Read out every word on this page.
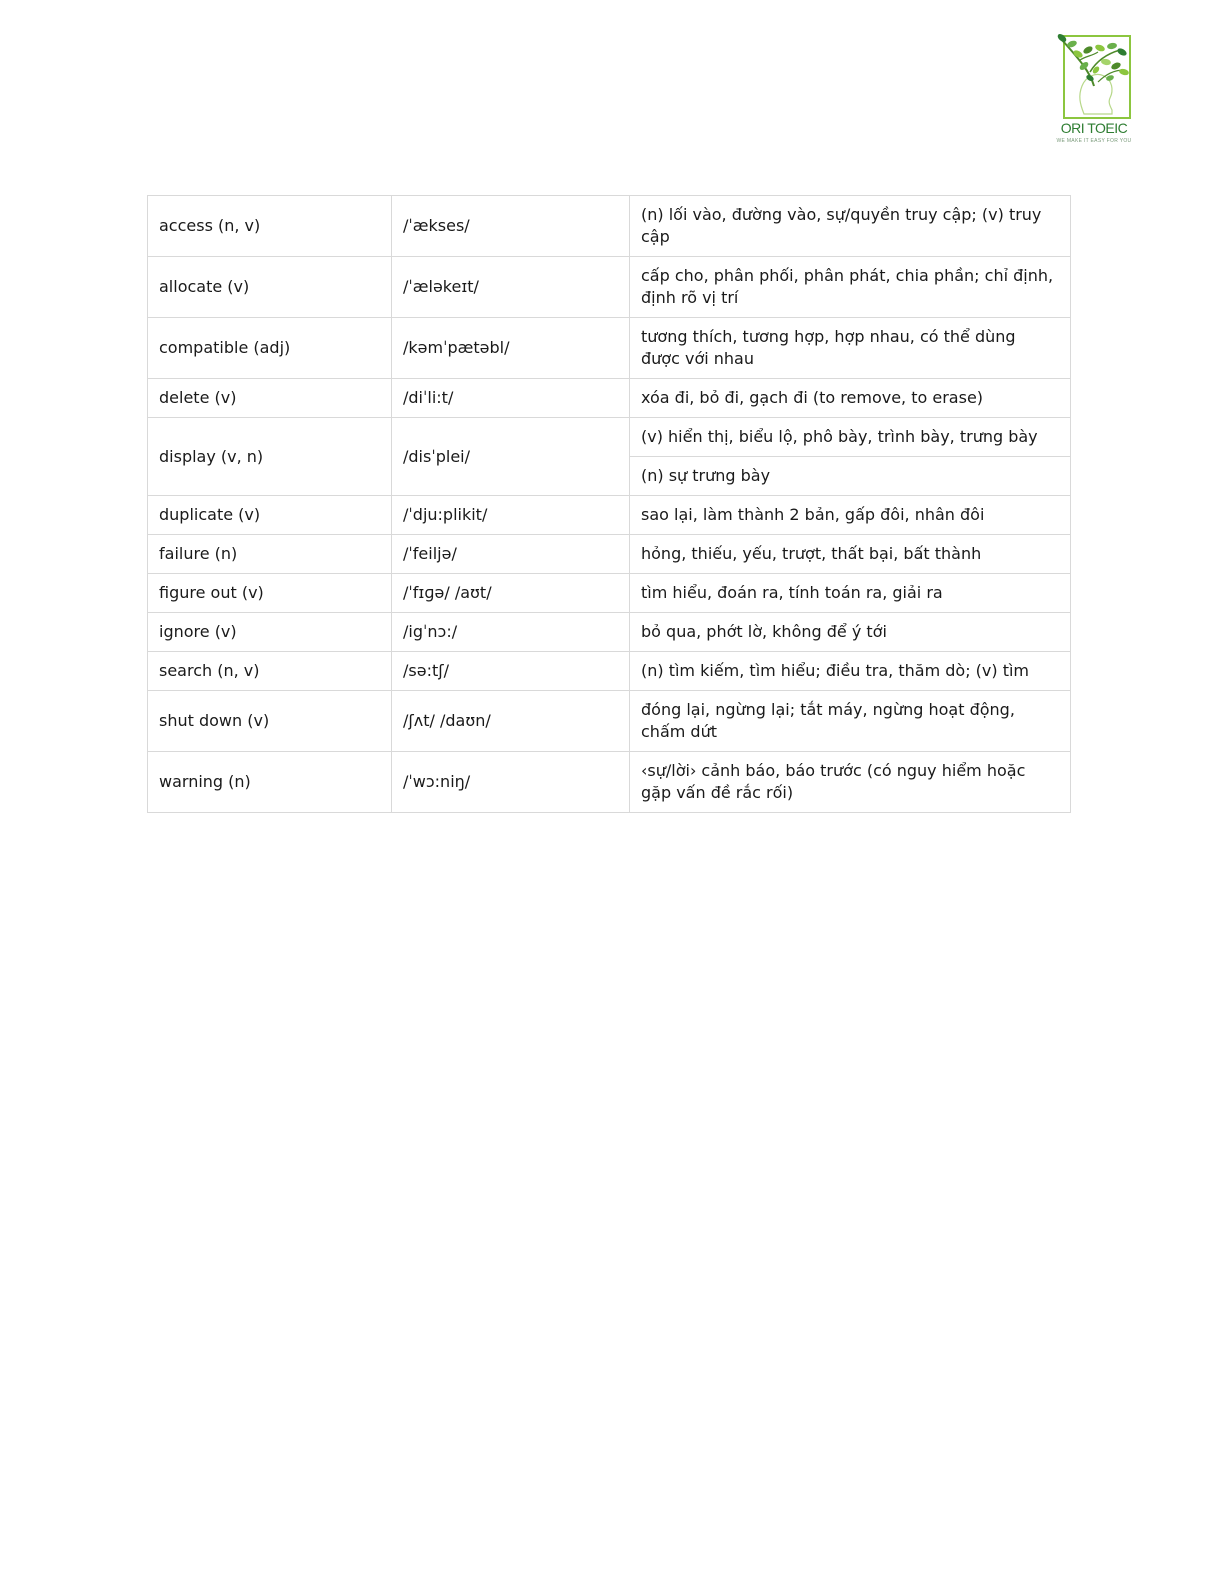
ORI TOEIC
WE MAKE IT EASY FOR YOU
access (n, v)	/ˈækses/	(n) lối vào, đường vào, sự/quyền truy cập; (v) truy cập
allocate (v)	/ˈæləkeɪt/	cấp cho, phân phối, phân phát, chia phần; chỉ định, định rõ vị trí
compatible (adj)	/kəmˈpætəbl/	tương thích, tương hợp, hợp nhau, có thể dùng được với nhau
delete (v)	/diˈli:t/	xóa đi, bỏ đi, gạch đi (to remove, to erase)
display (v, n)	/disˈplei/	(v) hiển thị, biểu lộ, phô bày, trình bày, trưng bày
		(n) sự trưng bày
duplicate (v)	/ˈdju:plikit/	sao lại, làm thành 2 bản, gấp đôi, nhân đôi
failure (n)	/ˈfeiljə/	hỏng, thiếu, yếu, trượt, thất bại, bất thành
figure out (v)	/ˈfɪɡə/ /aʊt/	tìm hiểu, đoán ra, tính toán ra, giải ra
ignore (v)	/igˈnɔ:/	bỏ qua, phớt lờ, không để ý tới
search (n, v)	/sə:tʃ/	(n) tìm kiếm, tìm hiểu; điều tra, thăm dò; (v) tìm
shut down (v)	/ʃʌt/ /daʊn/	đóng lại, ngừng lại; tắt máy, ngừng hoạt động, chấm dứt
warning (n)	/ˈwɔ:niŋ/	‹sự/lời› cảnh báo, báo trước (có nguy hiểm hoặc gặp vấn đề rắc rối)
